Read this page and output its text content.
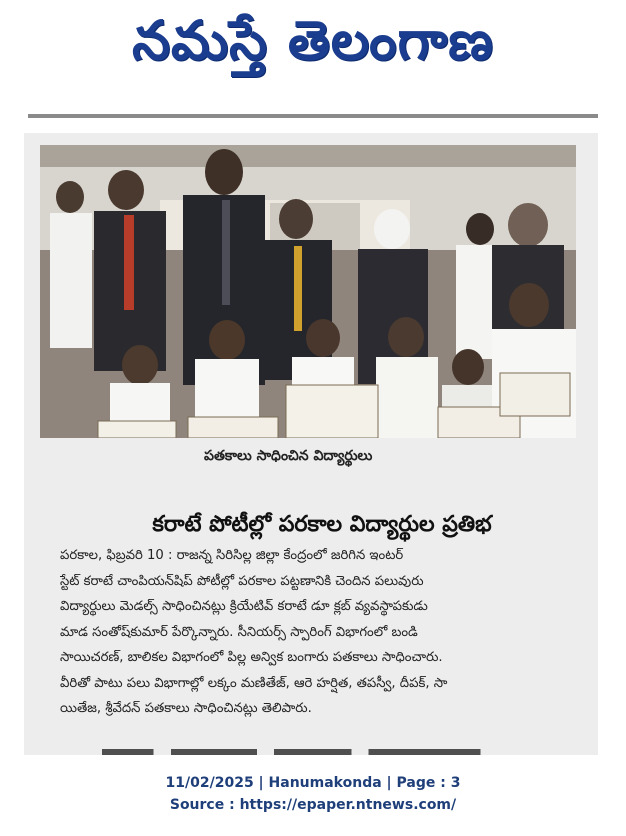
నమస్తే తెలంగాణ
పతకాలు సాధించిన విద్యార్థులు
కరాటే పోటీల్లో పరకాల విద్యార్థుల ప్రతిభ
పరకాల, ఫిబ్రవరి 10 : రాజన్న సిరిసిల్ల జిల్లా కేంద్రంలో జరిగిన ఇంటర్
స్టేట్ కరాటే చాంపియన్‌షిప్ పోటీల్లో పరకాల పట్టణానికి చెందిన పలువురు
విద్యార్థులు మెడల్స్ సాధించినట్లు క్రియేటివ్ కరాటే డూ క్లబ్ వ్యవస్థాపకుడు
మాడ సంతోష్‌కుమార్ పేర్కొన్నారు. సీనియర్స్ స్పారింగ్ విభాగంలో బండి
సాయిచరణ్, బాలికల విభాగంలో పిల్ల అన్విక బంగారు పతకాలు సాధించారు.
వీరితో పాటు పలు విభాగాల్లో లక్కం మణితేజ్, ఆరె హర్షిత, తపస్వీ, దీపక్, సా
యితేజ, శ్రీవేదన్ పతకాలు సాధించినట్లు తెలిపారు.
11/02/2025 | Hanumakonda | Page : 3
Source : https://epaper.ntnews.com/
